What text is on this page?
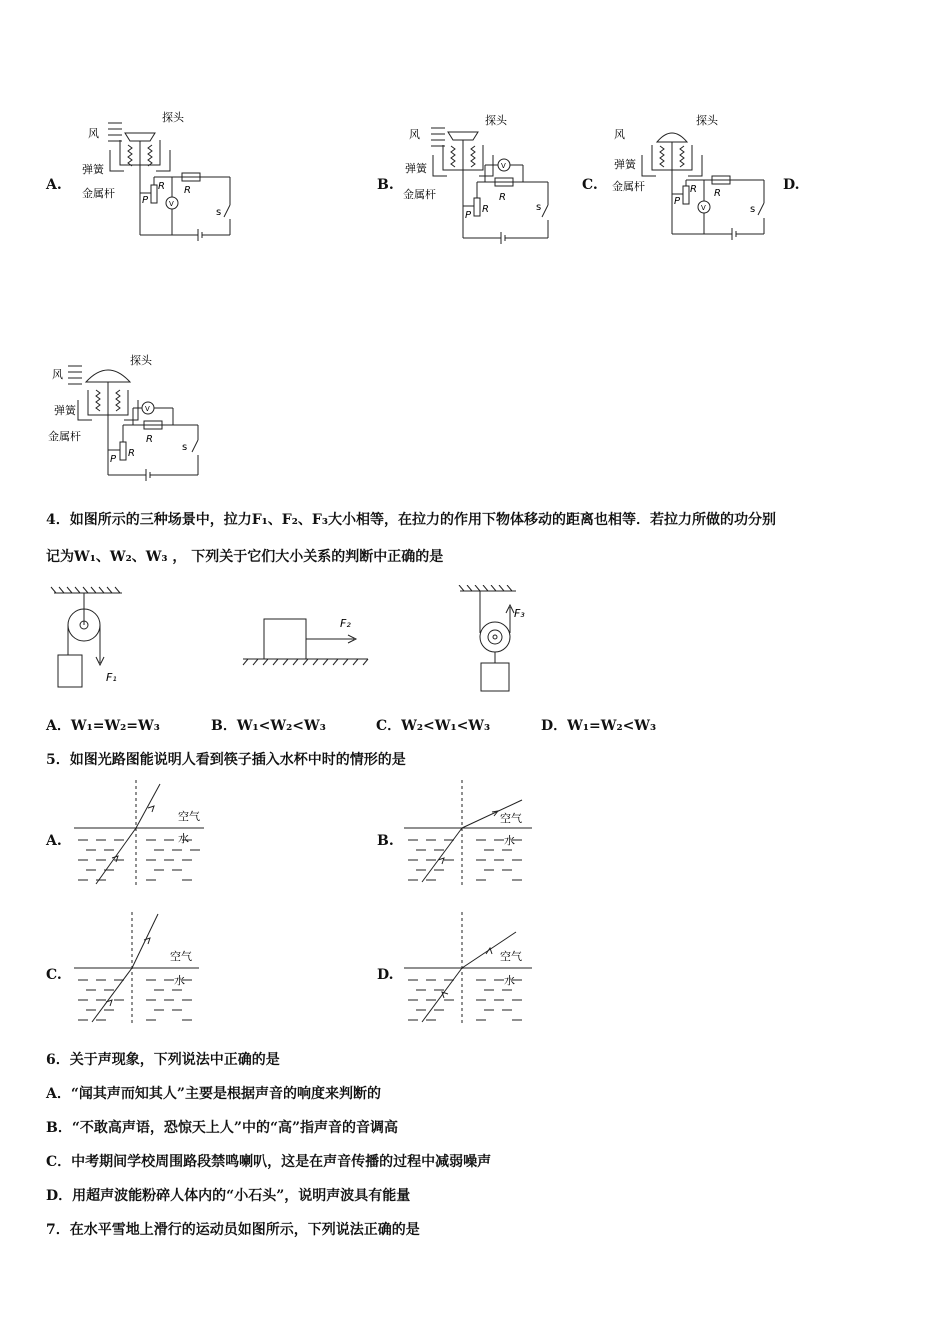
A.	B.	C.	D.
风
探头
弹簧
金属杆
P
R R
V
s
风
探头
弹簧
金属杆
P
R
R
V
s
风
探头
弹簧
金属杆
P
R R
V	s
风
探头
弹簧
金属杆
P
R
R
V
s
4．如图所示的三种场景中，拉力F₁、F₂、F₃大小相等，在拉力的作用下物体移动的距离也相等．若拉力所做的功分别
记为W₁、W₂、W₃ ， 下列关于它们大小关系的判断中正确的是
F₁
F₂
F₃
A．W₁=W₂=W₃	B．W₁<W₂<W₃	C．W₂<W₁<W₃	D．W₁=W₂<W₃
5．如图光路图能说明人看到筷子插入水杯中时的情形的是
A.	B.
C.	D.
空气
水
空气
水
空气
水
空气
水
6．关于声现象，下列说法中正确的是
A．“闻其声而知其人”主要是根据声音的响度来判断的
B．“不敢高声语，恐惊天上人”中的“高”指声音的音调高
C．中考期间学校周围路段禁鸣喇叭，这是在声音传播的过程中减弱噪声
D．用超声波能粉碎人体内的“小石头”，说明声波具有能量
7．在水平雪地上滑行的运动员如图所示，下列说法正确的是
